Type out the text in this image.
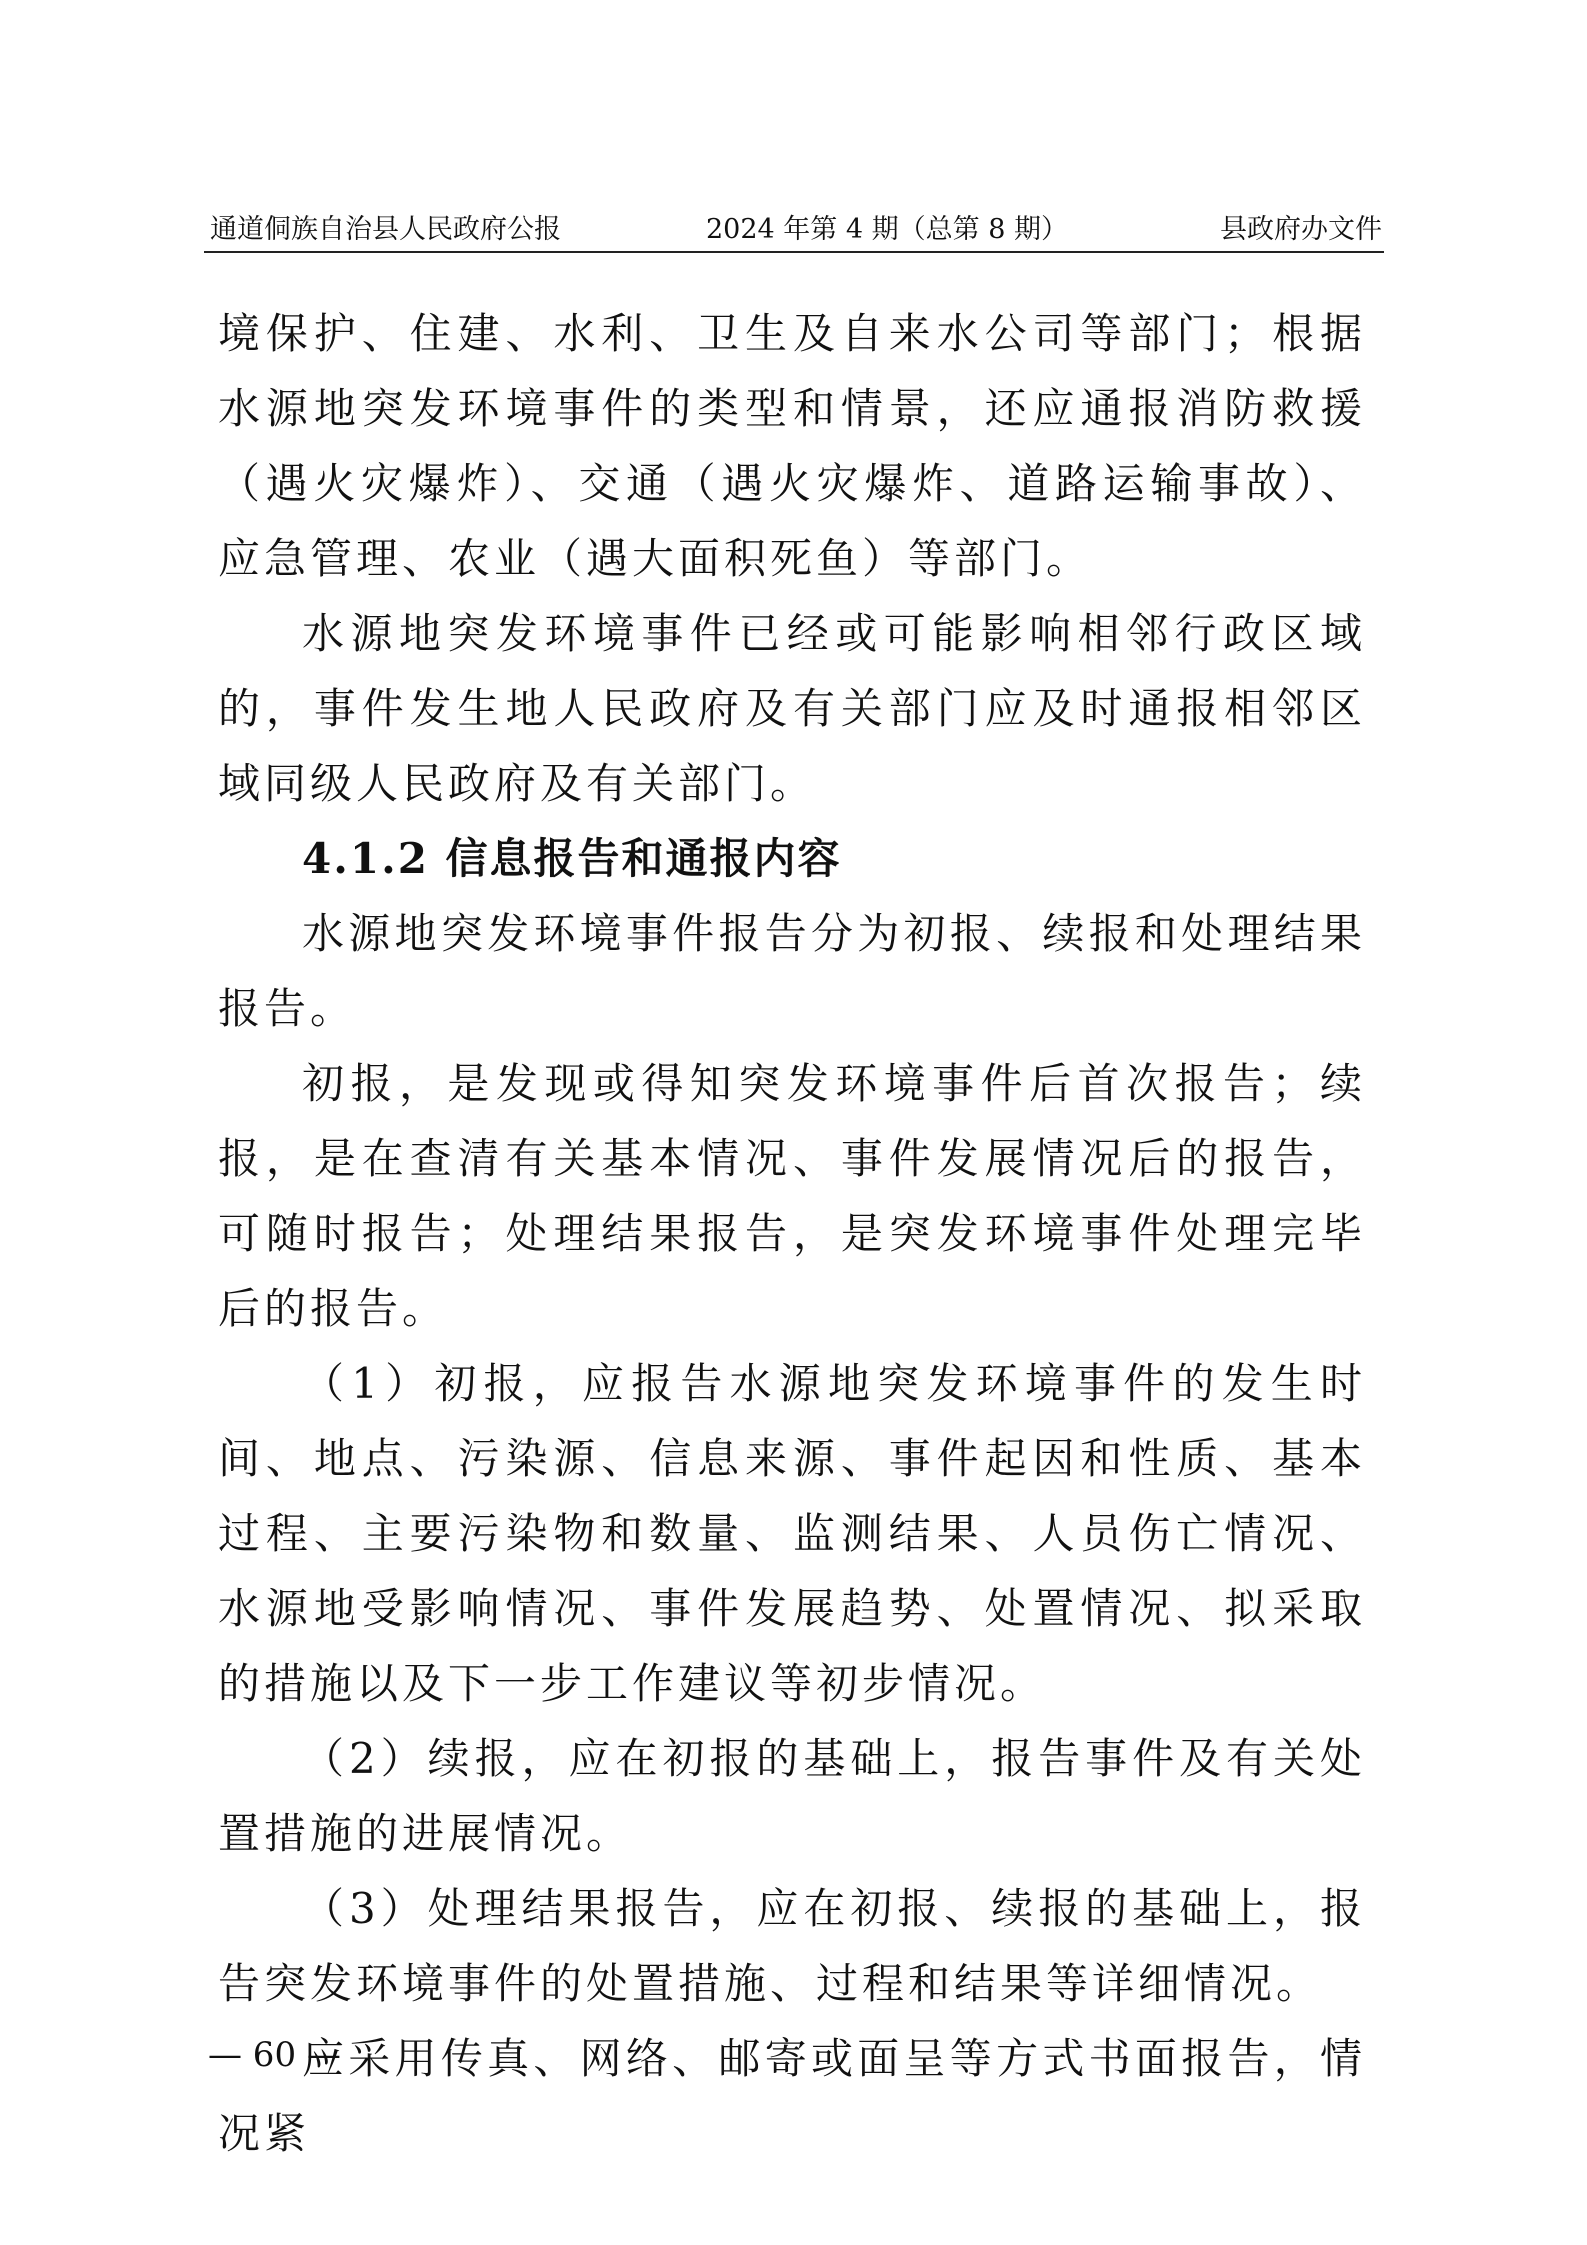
通道侗族自治县人民政府公报	2024 年第 4 期（总第 8 期）	县政府办文件

境保护、住建、水利、卫生及自来水公司等部门；根据水源地突发环境事件的类型和情景，还应通报消防救援（遇火灾爆炸）、交通（遇火灾爆炸、道路运输事故）、应急管理、农业（遇大面积死鱼）等部门。

水源地突发环境事件已经或可能影响相邻行政区域的，事件发生地人民政府及有关部门应及时通报相邻区域同级人民政府及有关部门。

4.1.2 信息报告和通报内容

水源地突发环境事件报告分为初报、续报和处理结果报告。

初报，是发现或得知突发环境事件后首次报告；续报，是在查清有关基本情况、事件发展情况后的报告，可随时报告；处理结果报告，是突发环境事件处理完毕后的报告。

（1）初报，应报告水源地突发环境事件的发生时间、地点、污染源、信息来源、事件起因和性质、基本过程、主要污染物和数量、监测结果、人员伤亡情况、水源地受影响情况、事件发展趋势、处置情况、拟采取的措施以及下一步工作建议等初步情况。

（2）续报，应在初报的基础上，报告事件及有关处置措施的进展情况。

（3）处理结果报告，应在初报、续报的基础上，报告突发环境事件的处置措施、过程和结果等详细情况。

应采用传真、网络、邮寄或面呈等方式书面报告，情况紧

— 60 —
